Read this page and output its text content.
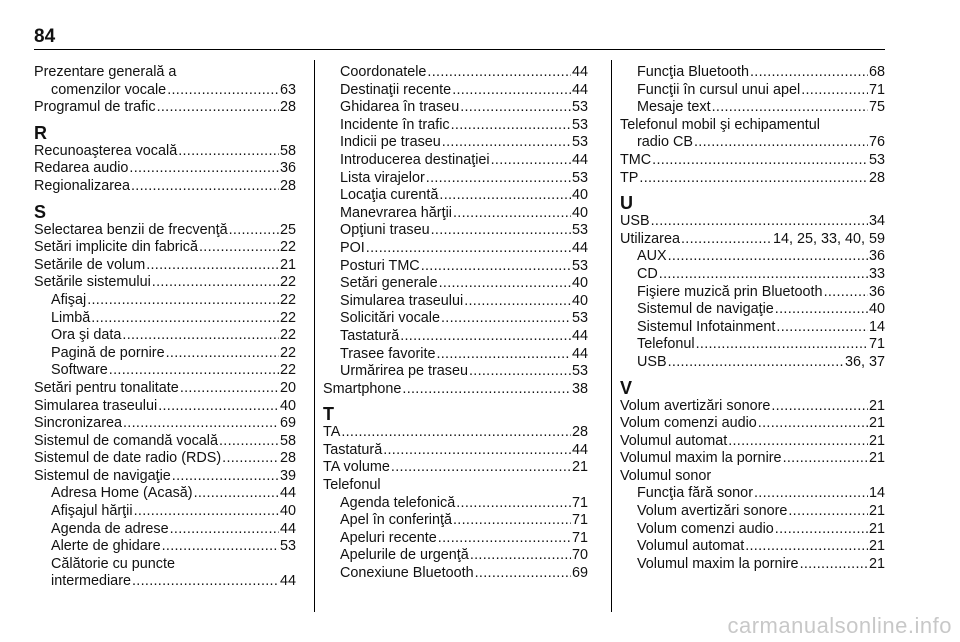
84
Prezentare generală a
comenzilor vocale .....	63
Programul de trafic .....	28
R
Recunoaşterea vocală .....	58
Redarea audio .....	36
Regionalizarea .....	28
S
Selectarea benzii de frecvenţă .....	25
Setări implicite din fabrică .....	22
Setările de volum .....	21
Setările sistemului .....	22
Afişaj .....	22
Limbă .....	22
Ora şi data .....	22
Pagină de pornire .....	22
Software .....	22
Setări pentru tonalitate .....	20
Simularea traseului .....	40
Sincronizarea .....	69
Sistemul de comandă vocală .....	58
Sistemul de date radio (RDS) .....	28
Sistemul de navigaţie .....	39
Adresa Home (Acasă) .....	44
Afişajul hărţii .....	40
Agenda de adrese .....	44
Alerte de ghidare .....	53
Călătorie cu puncte
intermediare .....	44
Coordonatele .....	44
Destinaţii recente .....	44
Ghidarea în traseu .....	53
Incidente în trafic .....	53
Indicii pe traseu .....	53
Introducerea destinaţiei .....	44
Lista virajelor .....	53
Locaţia curentă .....	40
Manevrarea hărţii .....	40
Opţiuni traseu .....	53
POI .....	44
Posturi TMC .....	53
Setări generale .....	40
Simularea traseului .....	40
Solicitări vocale .....	53
Tastatură .....	44
Trasee favorite .....	44
Urmărirea pe traseu .....	53
Smartphone .....	38
T
TA .....	28
Tastatură .....	44
TA volume .....	21
Telefonul
Agenda telefonică .....	71
Apel în conferinţă .....	71
Apeluri recente .....	71
Apelurile de urgenţă .....	70
Conexiune Bluetooth .....	69
Funcţia Bluetooth .....	68
Funcţii în cursul unui apel .....	71
Mesaje text .....	75
Telefonul mobil şi echipamentul
radio CB .....	76
TMC .....	53
TP .....	28
U
USB .....	34
Utilizarea .....	14, 25, 33, 40, 59
AUX .....	36
CD .....	33
Fişiere muzică prin Bluetooth .....	36
Sistemul de navigaţie .....	40
Sistemul Infotainment .....	14
Telefonul .....	71
USB .....	36, 37
V
Volum avertizări sonore .....	21
Volum comenzi audio .....	21
Volumul automat .....	21
Volumul maxim la pornire .....	21
Volumul sonor
Funcţia fără sonor .....	14
Volum avertizări sonore .....	21
Volum comenzi audio .....	21
Volumul automat .....	21
Volumul maxim la pornire .....	21
carmanualsonline.info
